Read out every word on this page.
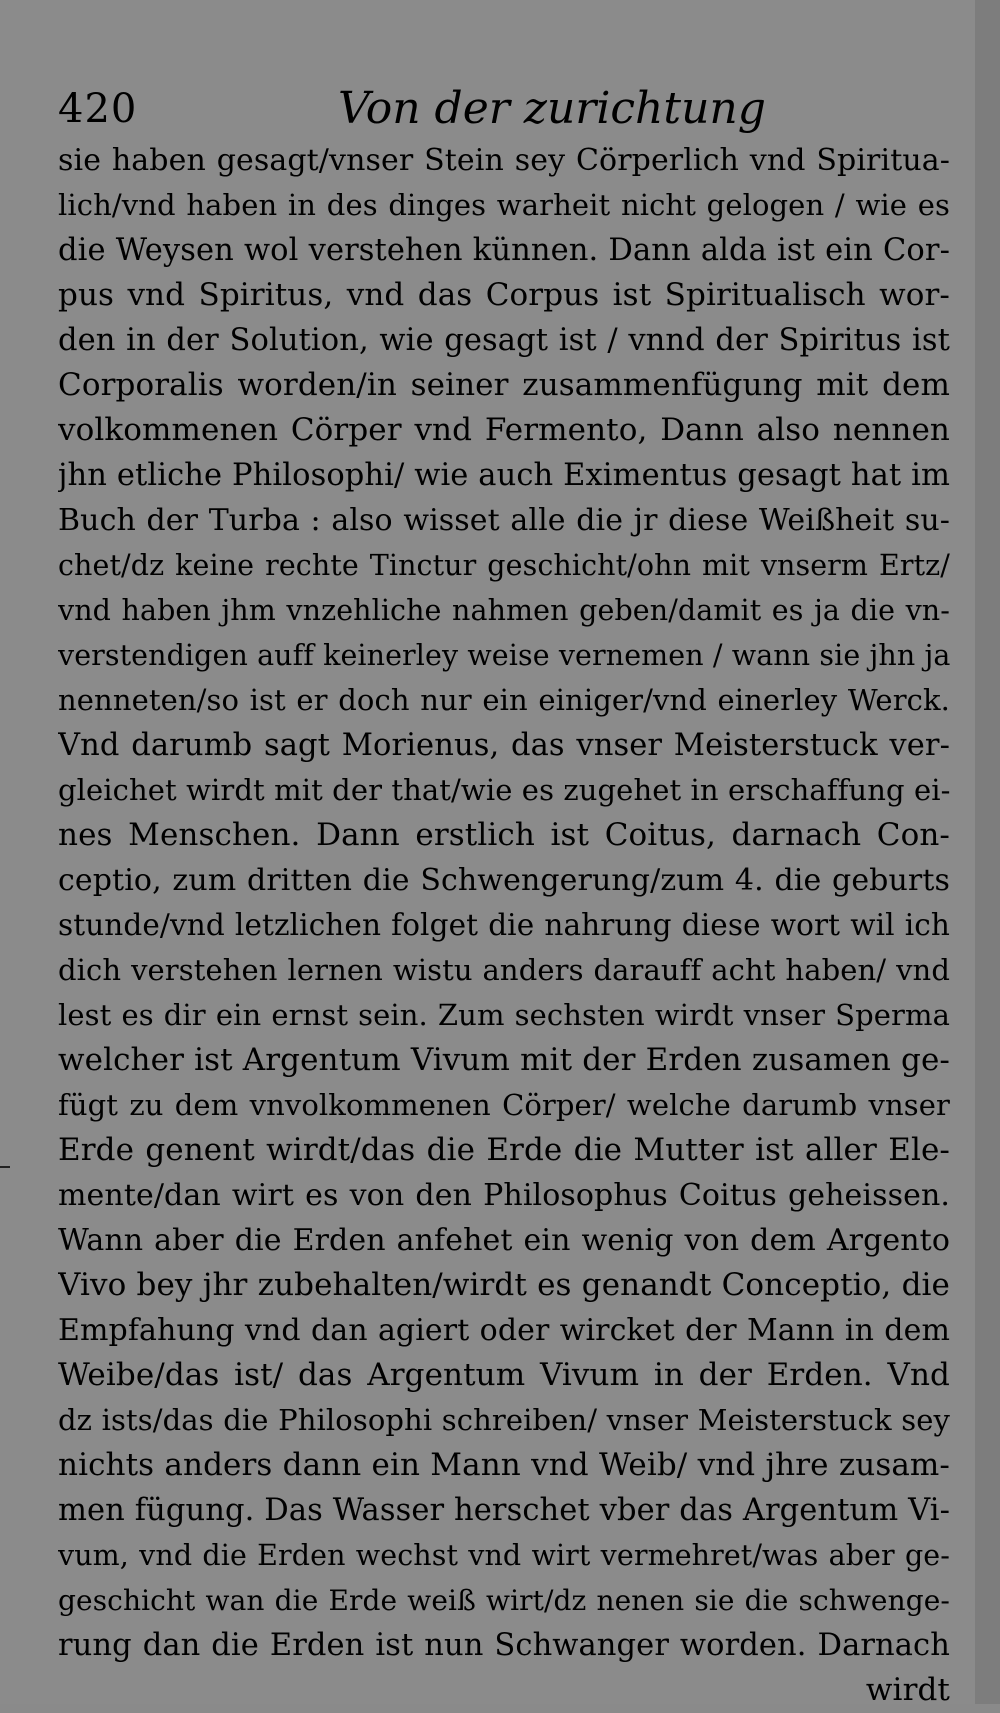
420	Von der zurichtung
sie haben gesagt/vnser Stein sey Cörperlich vnd Spiritua-
lich/vnd haben in des dinges warheit nicht gelogen / wie es
die Weysen wol verstehen künnen. Dann alda ist ein Cor-
pus vnd Spiritus, vnd das Corpus ist Spiritualisch wor-
den in der Solution, wie gesagt ist / vnnd der Spiritus ist
Corporalis worden/in seiner zusammenfügung mit dem
volkommenen Cörper vnd Fermento, Dann also nennen
jhn etliche Philosophi/ wie auch Eximentus gesagt hat im
Buch der Turba : also wisset alle die jr diese Weißheit su-
chet/dz keine rechte Tinctur geschicht/ohn mit vnserm Ertz/
vnd haben jhm vnzehliche nahmen geben/damit es ja die vn-
verstendigen auff keinerley weise vernemen / wann sie jhn ja
nenneten/so ist er doch nur ein einiger/vnd einerley Werck.
Vnd darumb sagt Morienus, das vnser Meisterstuck ver-
gleichet wirdt mit der that/wie es zugehet in erschaffung ei-
nes Menschen. Dann erstlich ist Coitus, darnach Con-
ceptio, zum dritten die Schwengerung/zum 4. die geburts
stunde/vnd letzlichen folget die nahrung diese wort wil ich
dich verstehen lernen wistu anders darauff acht haben/ vnd
lest es dir ein ernst sein. Zum sechsten wirdt vnser Sperma
welcher ist Argentum Vivum mit der Erden zusamen ge-
fügt zu dem vnvolkommenen Cörper/ welche darumb vnser
Erde genent wirdt/das die Erde die Mutter ist aller Ele-
mente/dan wirt es von den Philosophus Coitus geheissen.
Wann aber die Erden anfehet ein wenig von dem Argento
Vivo bey jhr zubehalten/wirdt es genandt Conceptio, die
Empfahung vnd dan agiert oder wircket der Mann in dem
Weibe/das ist/ das Argentum Vivum in der Erden. Vnd
dz ists/das die Philosophi schreiben/ vnser Meisterstuck sey
nichts anders dann ein Mann vnd Weib/ vnd jhre zusam-
men fügung. Das Wasser herschet vber das Argentum Vi-
vum, vnd die Erden wechst vnd wirt vermehret/was aber ge-
geschicht wan die Erde weiß wirt/dz nenen sie die schwenge-
rung dan die Erden ist nun Schwanger worden. Darnach
wirdt
